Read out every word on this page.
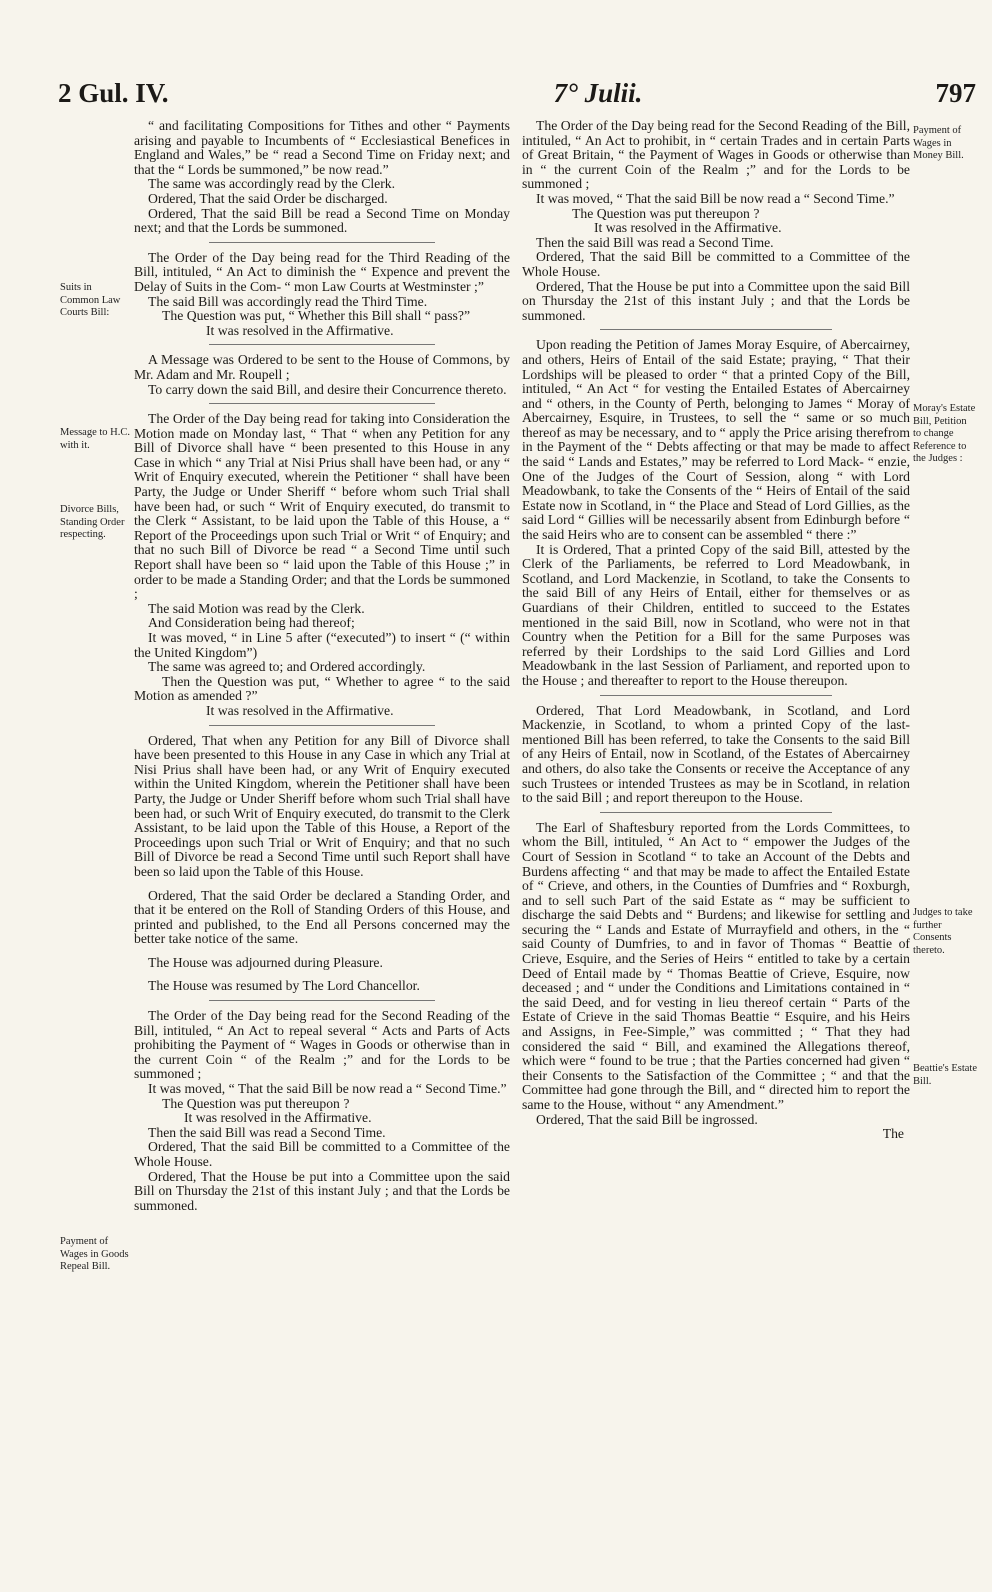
2 Gul. IV.	7° Julii.	797
Suits in Common Law Courts Bill:
Message to H.C. with it.
Divorce Bills, Standing Order respecting.
Payment of Wages in Goods Repeal Bill.
Payment of Wages in Money Bill.
Moray's Estate Bill, Petition to change Reference to the Judges :
Judges to take further Consents thereto.
Beattie's Estate Bill.

“ and facilitating Compositions for Tithes and other “ Payments arising and payable to Incumbents of “ Ecclesiastical Benefices in England and Wales,” be “ read a Second Time on Friday next; and that the “ Lords be summoned,” be now read.”

The same was accordingly read by the Clerk.

Ordered, That the said Order be discharged.

Ordered, That the said Bill be read a Second Time on Monday next; and that the Lords be summoned.

The Order of the Day being read for the Third Reading of the Bill, intituled, “ An Act to diminish the “ Expence and prevent the Delay of Suits in the Com- “ mon Law Courts at Westminster ;”

The said Bill was accordingly read the Third Time.

The Question was put, “ Whether this Bill shall “ pass?”

It was resolved in the Affirmative.

A Message was Ordered to be sent to the House of Commons, by Mr. Adam and Mr. Roupell ;

To carry down the said Bill, and desire their Concurrence thereto.

The Order of the Day being read for taking into Consideration the Motion made on Monday last, “ That “ when any Petition for any Bill of Divorce shall have “ been presented to this House in any Case in which “ any Trial at Nisi Prius shall have been had, or any “ Writ of Enquiry executed, wherein the Petitioner “ shall have been Party, the Judge or Under Sheriff “ before whom such Trial shall have been had, or such “ Writ of Enquiry executed, do transmit to the Clerk “ Assistant, to be laid upon the Table of this House, a “ Report of the Proceedings upon such Trial or Writ “ of Enquiry; and that no such Bill of Divorce be read “ a Second Time until such Report shall have been so “ laid upon the Table of this House ;” in order to be made a Standing Order; and that the Lords be summoned ;

The said Motion was read by the Clerk.

And Consideration being had thereof;

It was moved, “ in Line 5 after (“executed”) to insert “ (“ within the United Kingdom”)

The same was agreed to; and Ordered accordingly.

Then the Question was put, “ Whether to agree “ to the said Motion as amended ?”

It was resolved in the Affirmative.

Ordered, That when any Petition for any Bill of Divorce shall have been presented to this House in any Case in which any Trial at Nisi Prius shall have been had, or any Writ of Enquiry executed within the United Kingdom, wherein the Petitioner shall have been Party, the Judge or Under Sheriff before whom such Trial shall have been had, or such Writ of Enquiry executed, do transmit to the Clerk Assistant, to be laid upon the Table of this House, a Report of the Proceedings upon such Trial or Writ of Enquiry; and that no such Bill of Divorce be read a Second Time until such Report shall have been so laid upon the Table of this House.

Ordered, That the said Order be declared a Standing Order, and that it be entered on the Roll of Standing Orders of this House, and printed and published, to the End all Persons concerned may the better take notice of the same.

The House was adjourned during Pleasure.

The House was resumed by The Lord Chancellor.

The Order of the Day being read for the Second Reading of the Bill, intituled, “ An Act to repeal several “ Acts and Parts of Acts prohibiting the Payment of “ Wages in Goods or otherwise than in the current Coin “ of the Realm ;” and for the Lords to be summoned ;

It was moved, “ That the said Bill be now read a “ Second Time.”

The Question was put thereupon ?

It was resolved in the Affirmative.

Then the said Bill was read a Second Time.

Ordered, That the said Bill be committed to a Committee of the Whole House.

Ordered, That the House be put into a Committee upon the said Bill on Thursday the 21st of this instant July ; and that the Lords be summoned.

The Order of the Day being read for the Second Reading of the Bill, intituled, “ An Act to prohibit, in “ certain Trades and in certain Parts of Great Britain, “ the Payment of Wages in Goods or otherwise than in “ the current Coin of the Realm ;” and for the Lords to be summoned ;

It was moved, “ That the said Bill be now read a “ Second Time.”

The Question was put thereupon ?

It was resolved in the Affirmative.

Then the said Bill was read a Second Time.

Ordered, That the said Bill be committed to a Committee of the Whole House.

Ordered, That the House be put into a Committee upon the said Bill on Thursday the 21st of this instant July ; and that the Lords be summoned.

Upon reading the Petition of James Moray Esquire, of Abercairney, and others, Heirs of Entail of the said Estate; praying, “ That their Lordships will be pleased to order “ that a printed Copy of the Bill, intituled, “ An Act “ for vesting the Entailed Estates of Abercairney and “ others, in the County of Perth, belonging to James “ Moray of Abercairney, Esquire, in Trustees, to sell the “ same or so much thereof as may be necessary, and to “ apply the Price arising therefrom in the Payment of the “ Debts affecting or that may be made to affect the said “ Lands and Estates,” may be referred to Lord Mack- “ enzie, One of the Judges of the Court of Session, along “ with Lord Meadowbank, to take the Consents of the “ Heirs of Entail of the said Estate now in Scotland, in “ the Place and Stead of Lord Gillies, as the said Lord “ Gillies will be necessarily absent from Edinburgh before “ the said Heirs who are to consent can be assembled “ there :”

It is Ordered, That a printed Copy of the said Bill, attested by the Clerk of the Parliaments, be referred to Lord Meadowbank, in Scotland, and Lord Mackenzie, in Scotland, to take the Consents to the said Bill of any Heirs of Entail, either for themselves or as Guardians of their Children, entitled to succeed to the Estates mentioned in the said Bill, now in Scotland, who were not in that Country when the Petition for a Bill for the same Purposes was referred by their Lordships to the said Lord Gillies and Lord Meadowbank in the last Session of Parliament, and reported upon to the House ; and thereafter to report to the House thereupon.

Ordered, That Lord Meadowbank, in Scotland, and Lord Mackenzie, in Scotland, to whom a printed Copy of the last-mentioned Bill has been referred, to take the Consents to the said Bill of any Heirs of Entail, now in Scotland, of the Estates of Abercairney and others, do also take the Consents or receive the Acceptance of any such Trustees or intended Trustees as may be in Scotland, in relation to the said Bill ; and report thereupon to the House.

The Earl of Shaftesbury reported from the Lords Committees, to whom the Bill, intituled, “ An Act to “ empower the Judges of the Court of Session in Scotland “ to take an Account of the Debts and Burdens affecting “ and that may be made to affect the Entailed Estate of “ Crieve, and others, in the Counties of Dumfries and “ Roxburgh, and to sell such Part of the said Estate as “ may be sufficient to discharge the said Debts and “ Burdens; and likewise for settling and securing the “ Lands and Estate of Murrayfield and others, in the “ said County of Dumfries, to and in favor of Thomas “ Beattie of Crieve, Esquire, and the Series of Heirs “ entitled to take by a certain Deed of Entail made by “ Thomas Beattie of Crieve, Esquire, now deceased ; and “ under the Conditions and Limitations contained in “ the said Deed, and for vesting in lieu thereof certain “ Parts of the Estate of Crieve in the said Thomas Beattie “ Esquire, and his Heirs and Assigns, in Fee-Simple,” was committed ; “ That they had considered the said “ Bill, and examined the Allegations thereof, which were “ found to be true ; that the Parties concerned had given “ their Consents to the Satisfaction of the Committee ; “ and that the Committee had gone through the Bill, and “ directed him to report the same to the House, without “ any Amendment.”

Ordered, That the said Bill be ingrossed.

The
